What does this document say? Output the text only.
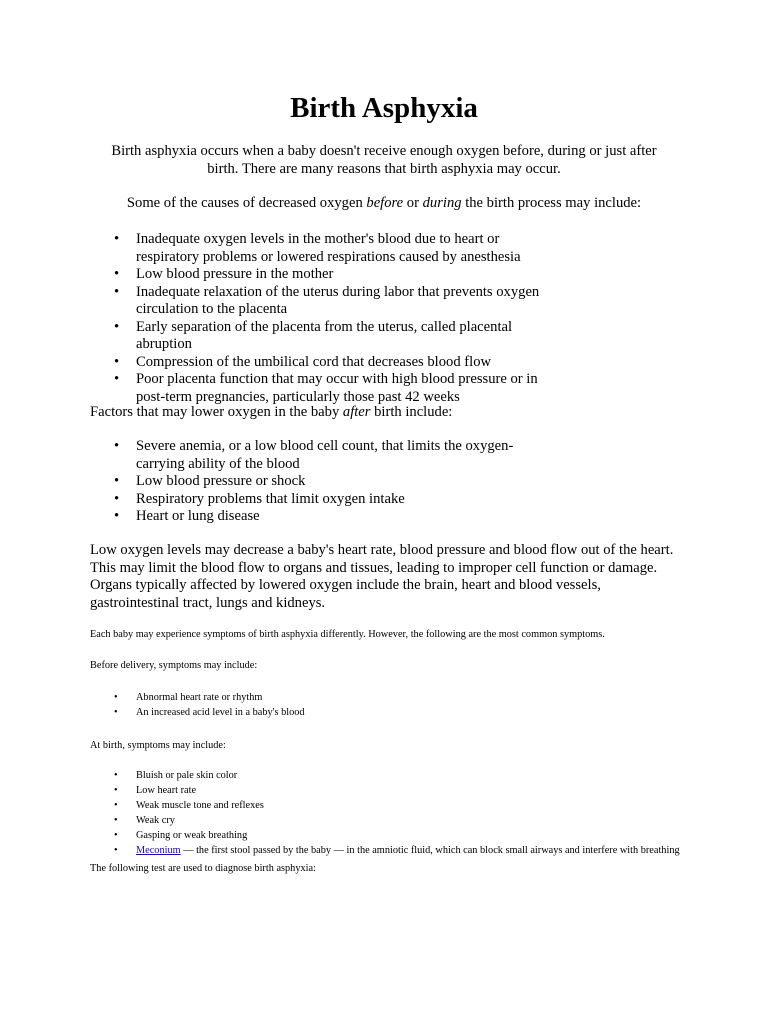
Birth Asphyxia

Birth asphyxia occurs when a baby doesn't receive enough oxygen before, during or just after birth. There are many reasons that birth asphyxia may occur.

Some of the causes of decreased oxygen before or during the birth process may include:

• Inadequate oxygen levels in the mother's blood due to heart or respiratory problems or lowered respirations caused by anesthesia
• Low blood pressure in the mother
• Inadequate relaxation of the uterus during labor that prevents oxygen circulation to the placenta
• Early separation of the placenta from the uterus, called placental abruption
• Compression of the umbilical cord that decreases blood flow
• Poor placenta function that may occur with high blood pressure or in post-term pregnancies, particularly those past 42 weeks

Factors that may lower oxygen in the baby after birth include:

• Severe anemia, or a low blood cell count, that limits the oxygen-carrying ability of the blood
• Low blood pressure or shock
• Respiratory problems that limit oxygen intake
• Heart or lung disease

Low oxygen levels may decrease a baby's heart rate, blood pressure and blood flow out of the heart. This may limit the blood flow to organs and tissues, leading to improper cell function or damage. Organs typically affected by lowered oxygen include the brain, heart and blood vessels, gastrointestinal tract, lungs and kidneys.

Each baby may experience symptoms of birth asphyxia differently. However, the following are the most common symptoms.

Before delivery, symptoms may include:

• Abnormal heart rate or rhythm
• An increased acid level in a baby's blood

At birth, symptoms may include:

• Bluish or pale skin color
• Low heart rate
• Weak muscle tone and reflexes
• Weak cry
• Gasping or weak breathing
• Meconium — the first stool passed by the baby — in the amniotic fluid, which can block small airways and interfere with breathing

The following test are used to diagnose birth asphyxia:
